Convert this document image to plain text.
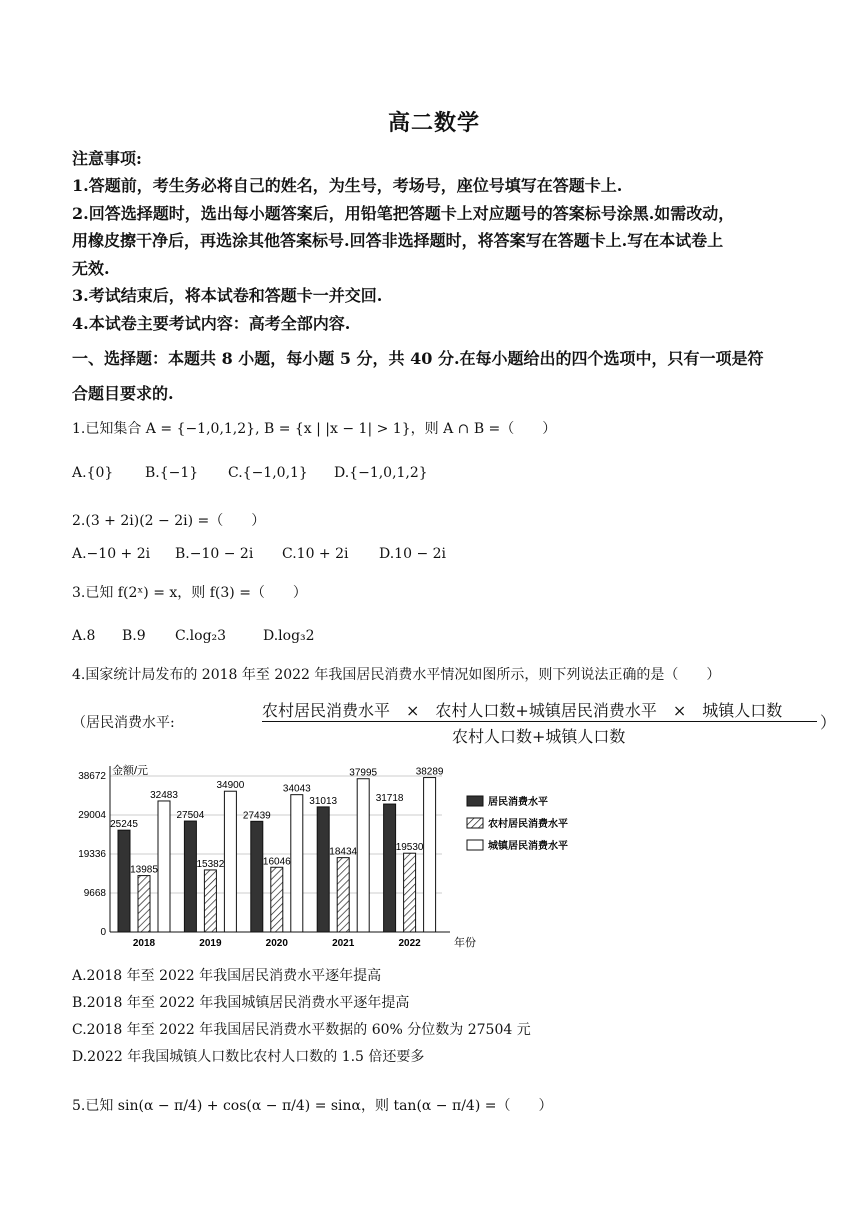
高二数学
注意事项:
1.答题前，考生务必将自己的姓名，为生号，考场号，座位号填写在答题卡上.
2.回答选择题时，选出每小题答案后，用铅笔把答题卡上对应题号的答案标号涂黑.如需改动，
用橡皮擦干净后，再选涂其他答案标号.回答非选择题时，将答案写在答题卡上.写在本试卷上
无效.
3.考试结束后，将本试卷和答题卡一并交回.
4.本试卷主要考试内容：高考全部内容.
一、选择题：本题共 8 小题，每小题 5 分，共 40 分.在每小题给出的四个选项中，只有一项是符
合题目要求的.
1.已知集合 A = {−1,0,1,2}, B = {x | |x − 1| > 1}，则 A ∩ B =（　　）
A.{0} B.{−1} C.{−1,0,1} D.{−1,0,1,2}
2.(3 + 2i)(2 − 2i) =（　　）
A.−10 + 2i B.−10 − 2i C.10 + 2i D.10 − 2i
3.已知 f(2ˣ) = x，则 f(3) =（　　）
A.8 B.9 C.log₂3	D.log₃2
4.国家统计局发布的 2018 年至 2022 年我国居民消费水平情况如图所示，则下列说法正确的是（　　）
（居民消费水平:
农村居民消费水平　×　农村人口数+城镇居民消费水平　×　城镇人口数
农村人口数+城镇人口数
）
25245
13985
32483
27504
15382
34900
27439
16046
34043
31013
18434
37995
31718
19530
38289
0
9668
19336
29004
38672 金额/元
年份
2018	2019	2020	2021	2022
居民消费水平
农村居民消费水平
城镇居民消费水平
A.2018 年至 2022 年我国居民消费水平逐年提高
B.2018 年至 2022 年我国城镇居民消费水平逐年提高
C.2018 年至 2022 年我国居民消费水平数据的 60% 分位数为 27504 元
D.2022 年我国城镇人口数比农村人口数的 1.5 倍还要多
5.已知 sin(α − π/4) + cos(α − π/4) = sinα，则 tan(α − π/4) =（　　）
